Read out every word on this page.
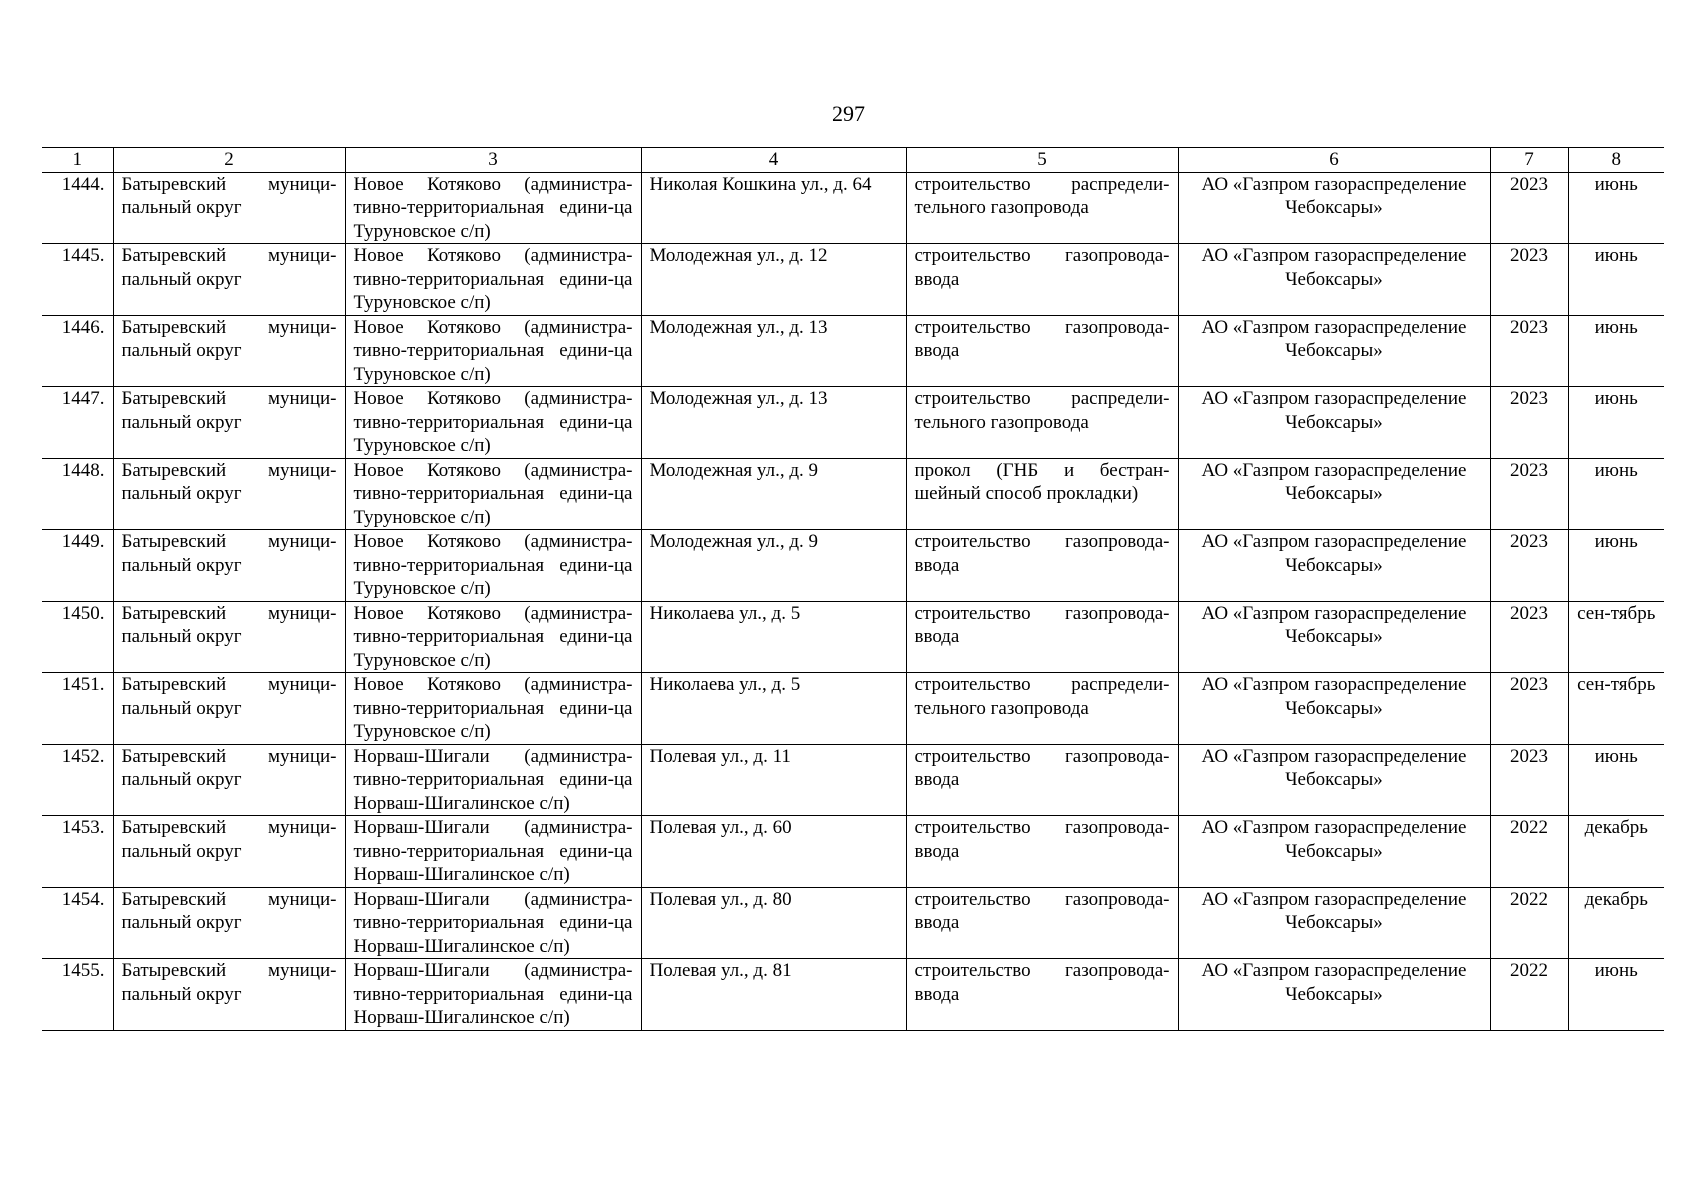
297
1	2	3	4	5	6	7	8
1444.	Батыревский муници-пальный округ	Новое Котяково (администра-тивно-территориальная едини-ца Туруновское с/п)	Николая Кошкина ул., д. 64	строительство распредели-тельного газопровода	АО «Газпром газораспределение Чебоксары»	2023	июнь
1445.	Батыревский муници-пальный округ	Новое Котяково (администра-тивно-территориальная едини-ца Туруновское с/п)	Молодежная ул., д. 12	строительство газопровода-ввода	АО «Газпром газораспределение Чебоксары»	2023	июнь
1446.	Батыревский муници-пальный округ	Новое Котяково (администра-тивно-территориальная едини-ца Туруновское с/п)	Молодежная ул., д. 13	строительство газопровода-ввода	АО «Газпром газораспределение Чебоксары»	2023	июнь
1447.	Батыревский муници-пальный округ	Новое Котяково (администра-тивно-территориальная едини-ца Туруновское с/п)	Молодежная ул., д. 13	строительство распредели-тельного газопровода	АО «Газпром газораспределение Чебоксары»	2023	июнь
1448.	Батыревский муници-пальный округ	Новое Котяково (администра-тивно-территориальная едини-ца Туруновское с/п)	Молодежная ул., д. 9	прокол (ГНБ и бестран-шейный способ прокладки)	АО «Газпром газораспределение Чебоксары»	2023	июнь
1449.	Батыревский муници-пальный округ	Новое Котяково (администра-тивно-территориальная едини-ца Туруновское с/п)	Молодежная ул., д. 9	строительство газопровода-ввода	АО «Газпром газораспределение Чебоксары»	2023	июнь
1450.	Батыревский муници-пальный округ	Новое Котяково (администра-тивно-территориальная едини-ца Туруновское с/п)	Николаева ул., д. 5	строительство газопровода-ввода	АО «Газпром газораспределение Чебоксары»	2023	сен-тябрь
1451.	Батыревский муници-пальный округ	Новое Котяково (администра-тивно-территориальная едини-ца Туруновское с/п)	Николаева ул., д. 5	строительство распредели-тельного газопровода	АО «Газпром газораспределение Чебоксары»	2023	сен-тябрь
1452.	Батыревский муници-пальный округ	Норваш-Шигали (администра-тивно-территориальная едини-ца Норваш-Шигалинское с/п)	Полевая ул., д. 11	строительство газопровода-ввода	АО «Газпром газораспределение Чебоксары»	2023	июнь
1453.	Батыревский муници-пальный округ	Норваш-Шигали (администра-тивно-территориальная едини-ца Норваш-Шигалинское с/п)	Полевая ул., д. 60	строительство газопровода-ввода	АО «Газпром газораспределение Чебоксары»	2022	декабрь
1454.	Батыревский муници-пальный округ	Норваш-Шигали (администра-тивно-территориальная едини-ца Норваш-Шигалинское с/п)	Полевая ул., д. 80	строительство газопровода-ввода	АО «Газпром газораспределение Чебоксары»	2022	декабрь
1455.	Батыревский муници-пальный округ	Норваш-Шигали (администра-тивно-территориальная едини-ца Норваш-Шигалинское с/п)	Полевая ул., д. 81	строительство газопровода-ввода	АО «Газпром газораспределение Чебоксары»	2022	июнь
